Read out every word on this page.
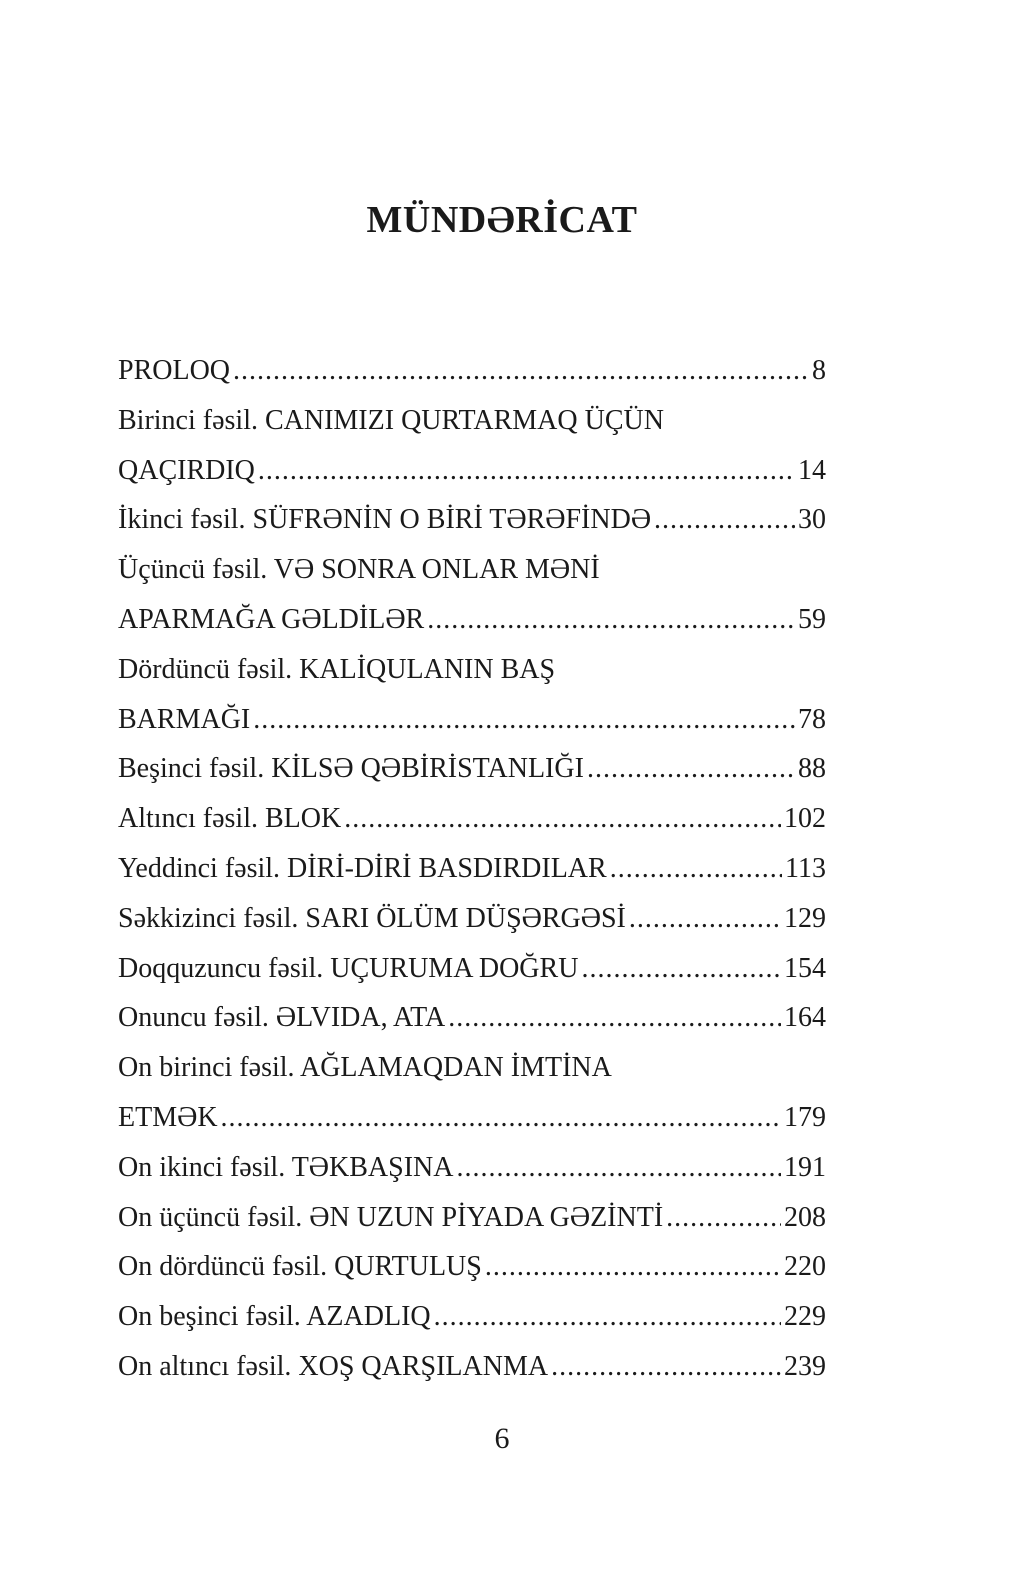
MÜNDƏRİCAT
PROLOQ .....	8
Birinci fəsil. CANIMIZI QURTARMAQ ÜÇÜN
QAÇIRDIQ .....	14
İkinci fəsil. SÜFRƏNİN O BİRİ TƏRƏFİNDƏ .....	30
Üçüncü fəsil. VƏ SONRA ONLAR MƏNİ
APARMAĞA GƏLDİLƏR .....	59
Dördüncü fəsil. KALİQULANIN BAŞ
BARMAĞI .....	78
Beşinci fəsil. KİLSƏ QƏBİRİSTANLIĞI .....	88
Altıncı fəsil. BLOK .....	102
Yeddinci fəsil. DİRİ-DİRİ BASDIRDILAR .....	113
Səkkizinci fəsil. SARI ÖLÜM DÜŞƏRGƏSİ .....	129
Doqquzuncu fəsil. UÇURUMA DOĞRU .....	154
Onuncu fəsil. ƏLVIDA, ATA .....	164
On birinci fəsil. AĞLAMAQDAN İMTİNA
ETMƏK .....	179
On ikinci fəsil. TƏKBAŞINA .....	191
On üçüncü fəsil. ƏN UZUN PİYADA GƏZİNTİ .....	208
On dördüncü fəsil. QURTULUŞ .....	220
On beşinci fəsil. AZADLIQ .....	229
On altıncı fəsil. XOŞ QARŞILANMA .....	239
6
